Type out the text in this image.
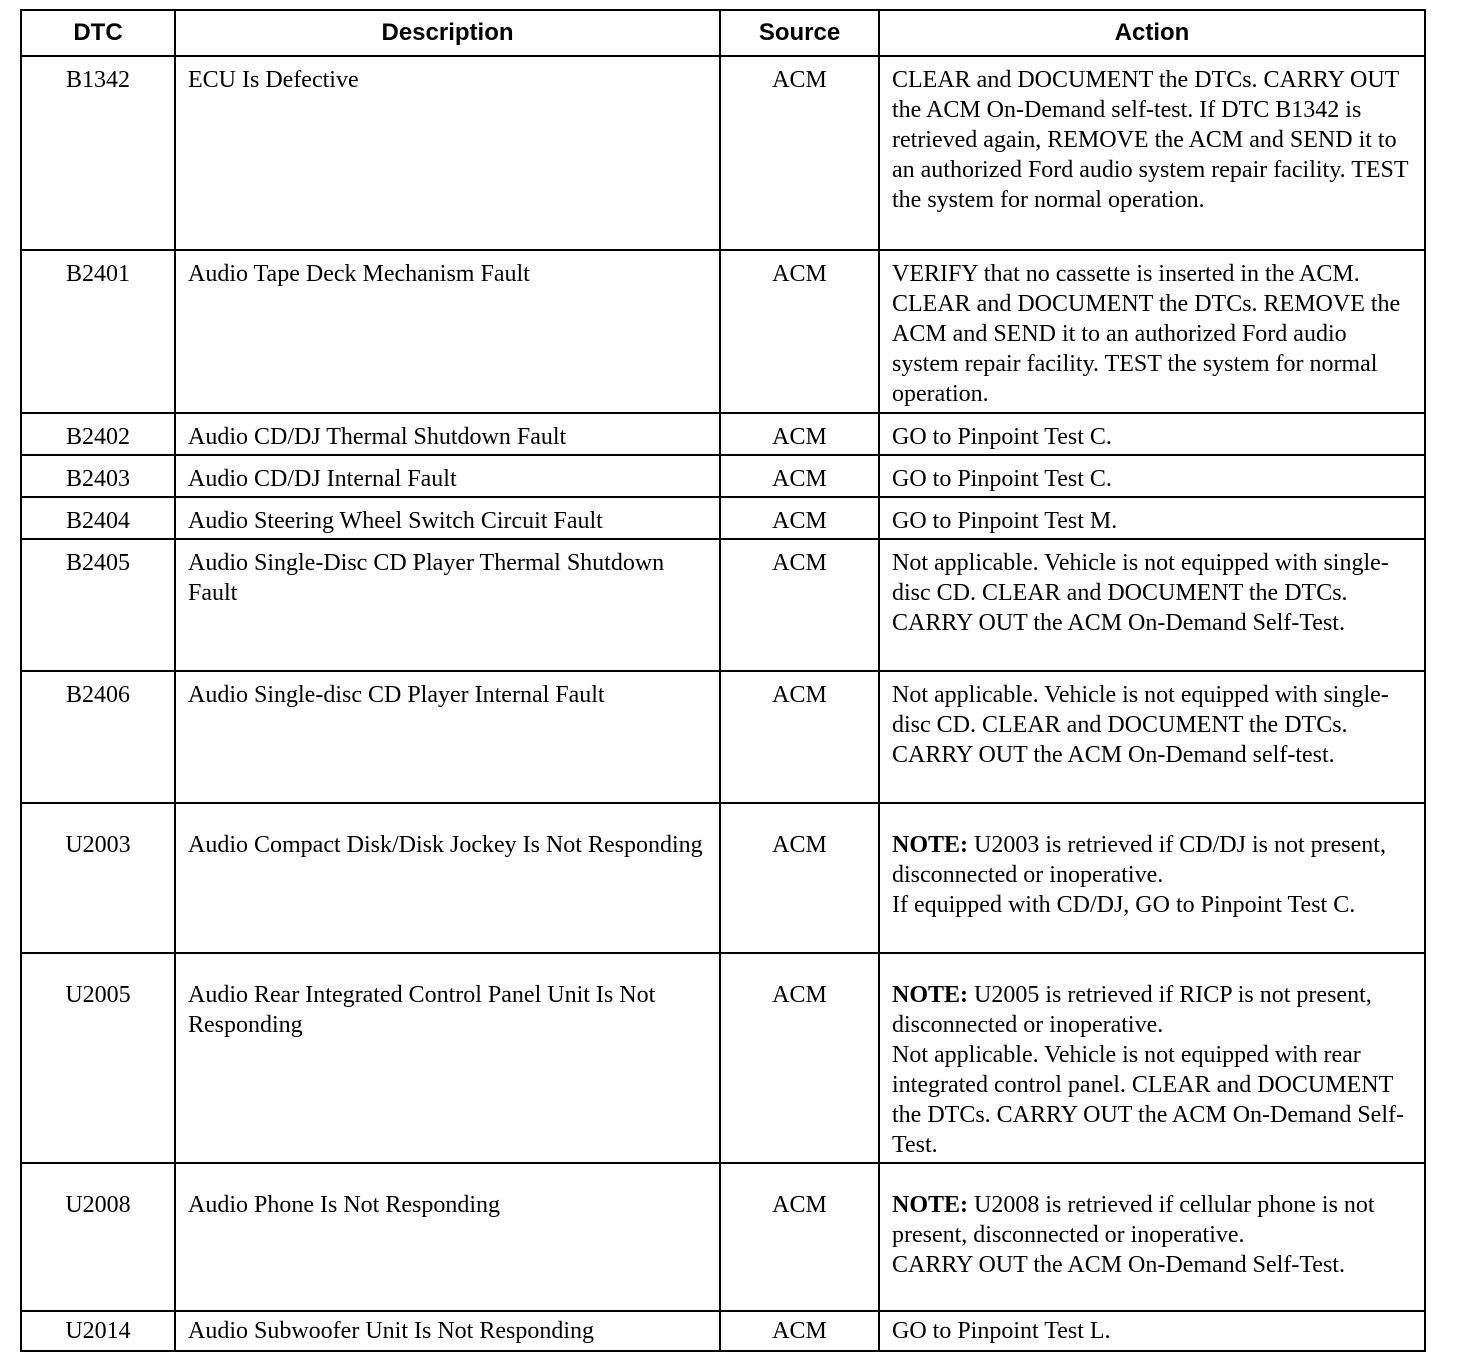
DTC	Description	Source	Action
B1342	ECU Is Defective	ACM	CLEAR and DOCUMENT the DTCs. CARRY OUT the ACM On-Demand self-test. If DTC B1342 is retrieved again, REMOVE the ACM and SEND it to an authorized Ford audio system repair facility. TEST the system for normal operation.
B2401	Audio Tape Deck Mechanism Fault	ACM	VERIFY that no cassette is inserted in the ACM. CLEAR and DOCUMENT the DTCs. REMOVE the ACM and SEND it to an authorized Ford audio system repair facility. TEST the system for normal operation.
B2402	Audio CD/DJ Thermal Shutdown Fault	ACM	GO to Pinpoint Test C.
B2403	Audio CD/DJ Internal Fault	ACM	GO to Pinpoint Test C.
B2404	Audio Steering Wheel Switch Circuit Fault	ACM	GO to Pinpoint Test M.
B2405	Audio Single-Disc CD Player Thermal Shutdown Fault	ACM	Not applicable. Vehicle is not equipped with single-disc CD. CLEAR and DOCUMENT the DTCs. CARRY OUT the ACM On-Demand Self-Test.
B2406	Audio Single-disc CD Player Internal Fault	ACM	Not applicable. Vehicle is not equipped with single-disc CD. CLEAR and DOCUMENT the DTCs. CARRY OUT the ACM On-Demand self-test.
U2003	Audio Compact Disk/Disk Jockey Is Not Responding	ACM	NOTE: U2003 is retrieved if CD/DJ is not present, disconnected or inoperative.
If equipped with CD/DJ, GO to Pinpoint Test C.

U2005	Audio Rear Integrated Control Panel Unit Is Not Responding	ACM	NOTE: U2005 is retrieved if RICP is not present, disconnected or inoperative.
Not applicable. Vehicle is not equipped with rear integrated control panel. CLEAR and DOCUMENT the DTCs. CARRY OUT the ACM On-Demand Self-Test.

U2008	Audio Phone Is Not Responding	ACM	NOTE: U2008 is retrieved if cellular phone is not present, disconnected or inoperative.
CARRY OUT the ACM On-Demand Self-Test.

U2014	Audio Subwoofer Unit Is Not Responding	ACM	GO to Pinpoint Test L.
